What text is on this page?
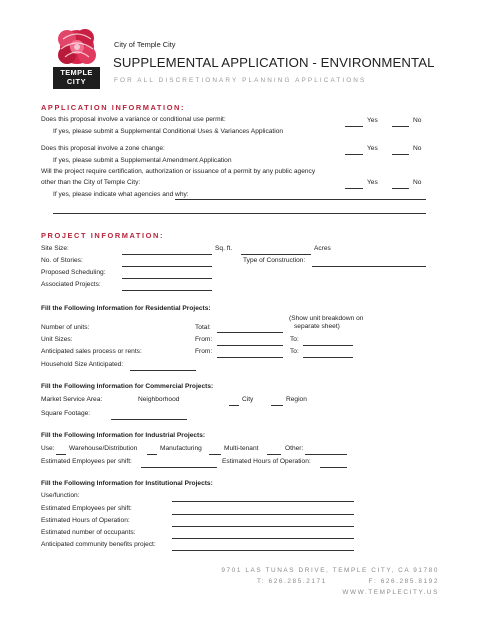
TEMPLE
CITY
City of Temple City
SUPPLEMENTAL APPLICATION - ENVIRONMENTAL
FOR ALL DISCRETIONARY PLANNING APPLICATIONS
APPLICATION INFORMATION:
Does this proposal involve a variance or conditional use permit:	Yes	No
If yes, please submit a Supplemental Conditional Uses & Variances Application
Does this proposal involve a zone change:	Yes	No
If yes, please submit a Supplemental Amendment Application
Will the project require certification, authorization or issuance of a permit by any public agency
other than the City of Temple City:	Yes	No
If yes, please indicate what agencies and why:
PROJECT INFORMATION:
Site Size:	Sq. ft.	Acres
No. of Stories:	Type of Construction:
Proposed Scheduling:
Associated Projects:
Fill the Following Information for Residential Projects:
(Show unit breakdown on
separate sheet)
Number of units:	Total:
Unit Sizes:	From:	To:
Anticipated sales process or rents:	From:	To:
Household Size Anticipated:
Fill the Following Information for Commercial Projects:
Market Service Area:	Neighborhood	City	Region
Square Footage:
Fill the Following Information for Industrial Projects:
Use: Warehouse/Distribution	Manufacturing	Multi-tenant	Other:
Estimated Employees per shift:	Estimated Hours of Operation:
Fill the Following Information for Institutional Projects:
Use/function:
Estimated Employees per shift:
Estimated Hours of Operation:
Estimated number of occupants:
Anticipated community benefits project:
9701 LAS TUNAS DRIVE, TEMPLE CITY, CA 91780
T: 626.285.2171	F: 626.285.8192
WWW.TEMPLECITY.US
